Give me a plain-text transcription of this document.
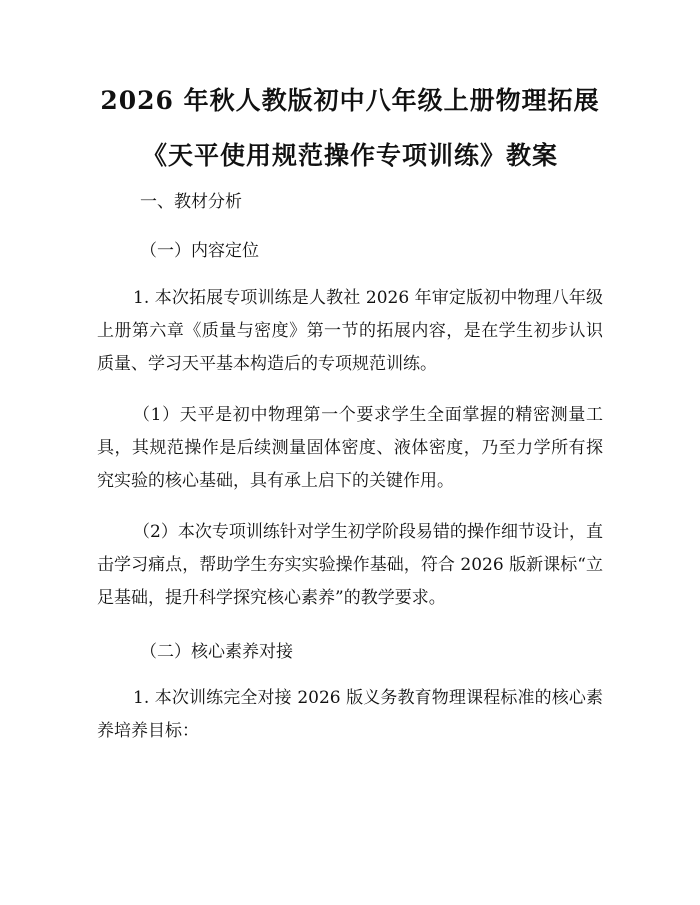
2026 年秋人教版初中八年级上册物理拓展
《天平使用规范操作专项训练》教案
一、教材分析
（一）内容定位
1. 本次拓展专项训练是人教社 2026 年审定版初中物理八年级上册第六章《质量与密度》第一节的拓展内容，是在学生初步认识质量、学习天平基本构造后的专项规范训练。
（1）天平是初中物理第一个要求学生全面掌握的精密测量工具，其规范操作是后续测量固体密度、液体密度，乃至力学所有探究实验的核心基础，具有承上启下的关键作用。
（2）本次专项训练针对学生初学阶段易错的操作细节设计，直击学习痛点，帮助学生夯实实验操作基础，符合 2026 版新课标“立足基础，提升科学探究核心素养”的教学要求。
（二）核心素养对接
1. 本次训练完全对接 2026 版义务教育物理课程标准的核心素养培养目标：
